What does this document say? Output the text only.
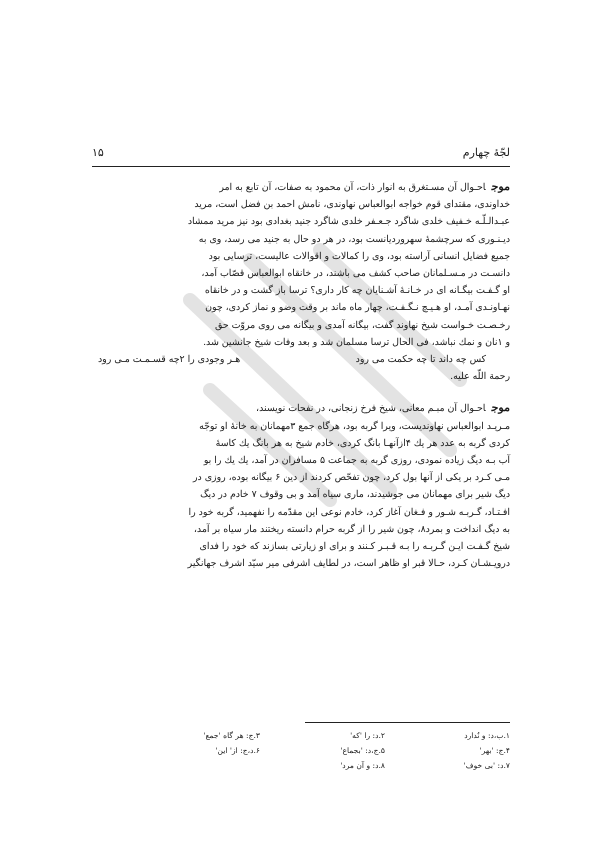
لجّۀ چهارم
۱۵

موجاحـوال آن مسـتغرق به انوار ذات، آن محمود به صفات، آن تابع به امر

خداوندی، مقتدای قوم خواجه ابوالعباس نهاوندی، نامش احمد بن فضل است، مرید

عبـدالـلّـه خـفیف خلدی شاگرد جـعـفر خلدی شاگرد جنید بغدادی بود نیز مرید ممشاد

دیـنـوری که سرچشمۀ سهروردیانست بود، در هر دو حال به جنید می رسد، وی به

جمیع فضایل انسانی آراسته بود، وی را کمالات و اقوالات عالیست، ترسایی بود

دانسـت در مـسـلمانان صاحب کشف می باشند، در خانقاه ابوالعباس قصّاب آمد،

او گـفـت بیگـانه ای در خـانـۀ آشـنایان چه کار داری؟ ترسا باز گشت و در خانقاه

نهـاونـدی آمـد، او هـیـچ نـگـفـت، چهار ماه ماند بر وقت وضو و نماز کردی، چون

رخـصـت خـواست شیخ نهاوند گفت، بیگانه آمدی و بیگانه می روی مروّت حق

و ۱نان و نمك نباشد، فی الحال ترسا مسلمان شد و بعد وفات شیخ جانشین شد.

کس چه داند تا چه حکمت می رود
هـر وجودی را ۲چه قسـمـت مـی رود

رحمة اللّه علیه.

موجاحـوال آن مبـم معانی، شیخ فرخ زنجانی، در نفحات نویسند،

مـریـد ابوالعباس نهاوندیست، ویرا گربه بود، هرگاه جمع ۳مهمانان به خانۀ او توجّه

کردی گربه به عدد هر یك ۴ازآنهـا بانگ کردی، خادم شیخ به هر بانگ یك کاسۀ

آب بـه دیگ زیاده نمودی، روزی گربه به جماعت ۵ مسافران در آمد، یك یك را بو

مـی کـرد بر یکی از آنها بول کرد، چون تفحّص کردند از دین ۶ بیگانه بوده، روزی در

دیگ شیر برای مهمانان می جوشیدند، ماری سیاه آمد و بی وقوف ۷ خادم در دیگ

افـتـاد، گـربـه شـور و فـغان آغاز کرد، خادم نوعی این مقدّمه را نفهمید، گربه خود را

به دیگ انداخت و بمرد۸، چون شیر را از گربه حرام دانسته ریختند مار سیاه بر آمد،

شیخ گـفـت ایـن گـربـه را بـه قـبـر کـنند و برای او زیارتی بسازند که خود را فدای

درویـشـان کـرد، حـالا قبر او ظاهر است، در لطایف اشرفی میر سیّد اشرف جهانگیر

۱.ب،د: و نُدارد
۲.د: را 'که'
۳.ج: هر گاه 'جمع'
۴.ج: 'بهر'
۵.ج،د: 'بجماع'
۶.د،ج: از' این'
۷.د: 'بی خوف'
۸.د: و آن مرد'
